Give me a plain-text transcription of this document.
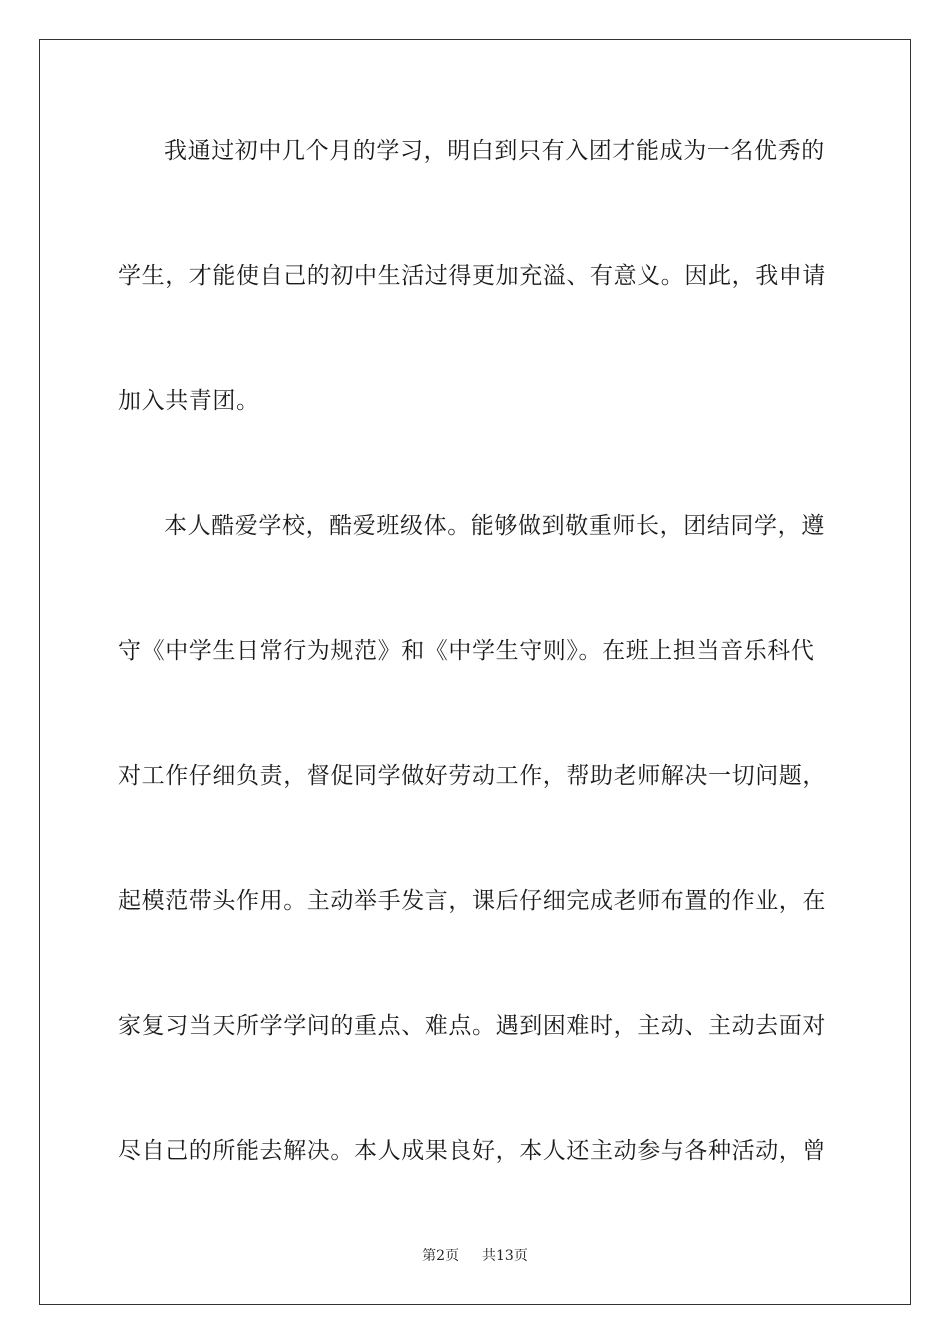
我通过初中几个月的学习，明白到只有入团才能成为一名优秀的
学生，才能使自己的初中生活过得更加充溢、有意义。因此，我申请
加入共青团。
本人酷爱学校，酷爱班级体。能够做到敬重师长，团结同学，遵
守《中学生日常行为规范》和《中学生守则》。在班上担当音乐科代
对工作仔细负责，督促同学做好劳动工作，帮助老师解决一切问题，
起模范带头作用。主动举手发言，课后仔细完成老师布置的作业，在
家复习当天所学学问的重点、难点。遇到困难时，主动、主动去面对
尽自己的所能去解决。本人成果良好，本人还主动参与各种活动，曾
第2页 共13页
